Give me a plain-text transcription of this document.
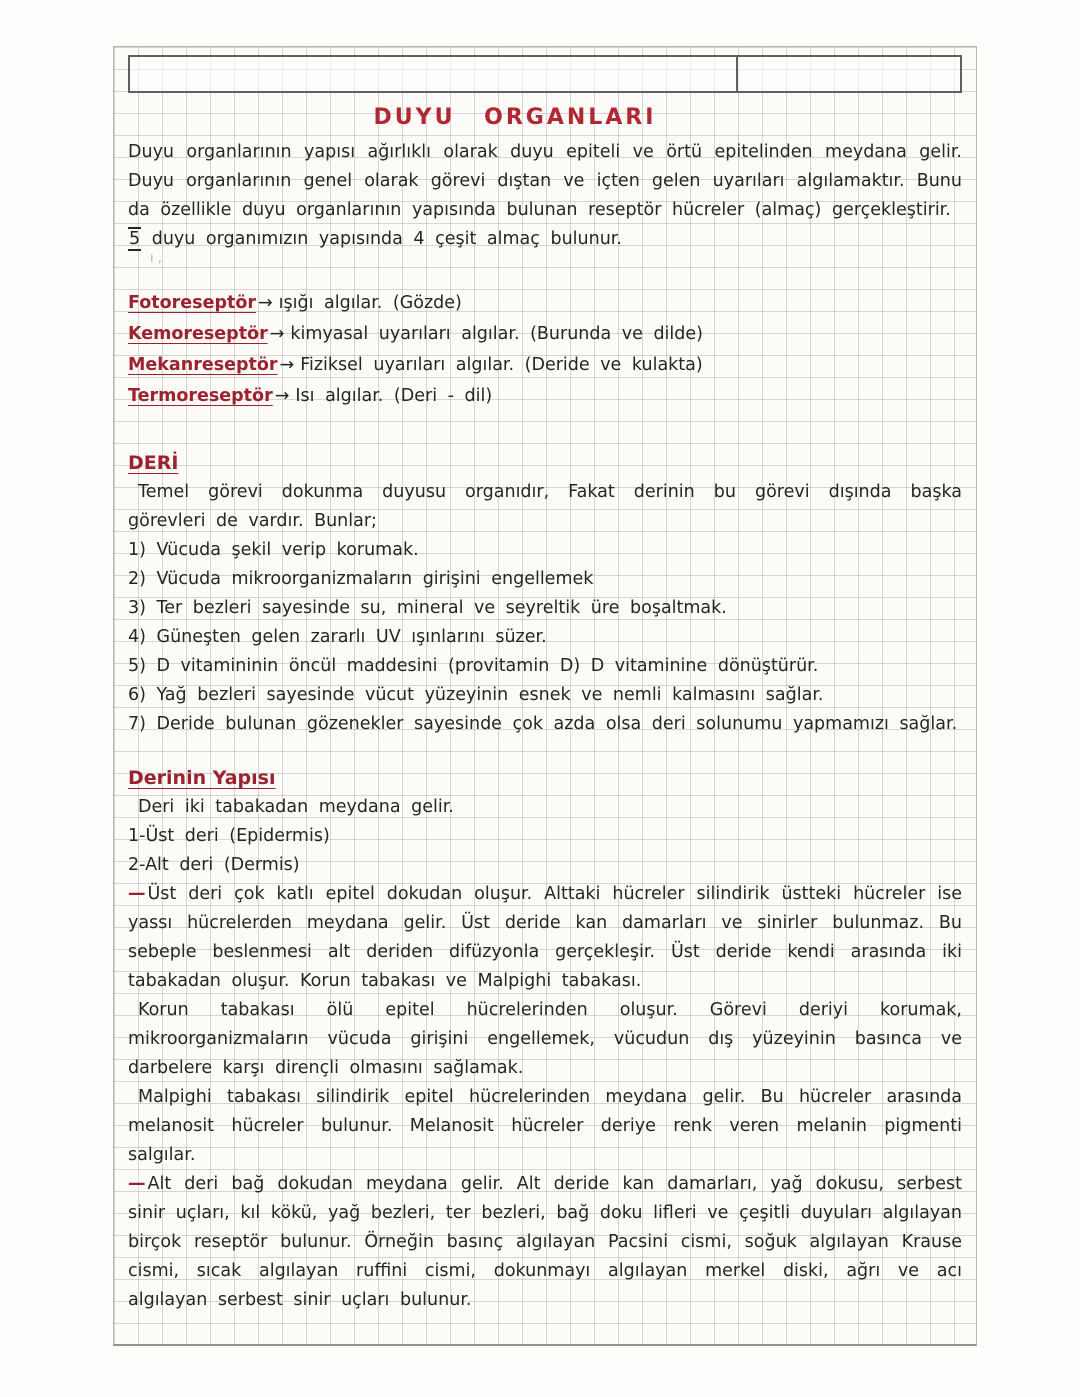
DUYU ORGANLARI

Duyu organlarının yapısı ağırlıklı olarak duyu epiteli ve örtü epitelinden meydana gelir. Duyu organlarının genel olarak görevi dıştan ve içten gelen uyarıları algılamaktır. Bunu da özellikle duyu organlarının yapısında bulunan reseptör hücreler (almaç) gerçekleştirir.

5 duyu organımızın yapısında 4 çeşit almaç bulunur.

ı ,
Fotoreseptör → ışığı algılar. (Gözde)
Kemoreseptör → kimyasal uyarıları algılar. (Burunda ve dilde)
Mekanreseptör → Fiziksel uyarıları algılar. (Deride ve kulakta)
Termoreseptör → Isı algılar. (Deri - dil)
DERİ

Temel görevi dokunma duyusu organıdır, Fakat derinin bu görevi dışında başka görevleri de vardır. Bunlar;

1) Vücuda şekil verip korumak.
2) Vücuda mikroorganizmaların girişini engellemek
3) Ter bezleri sayesinde su, mineral ve seyreltik üre boşaltmak.
4) Güneşten gelen zararlı UV ışınlarını süzer.
5) D vitamininin öncül maddesini (provitamin D) D vitaminine dönüştürür.
6) Yağ bezleri sayesinde vücut yüzeyinin esnek ve nemli kalmasını sağlar.
7) Deride bulunan gözenekler sayesinde çok azda olsa deri solunumu yapmamızı sağlar.
Derinin Yapısı

Deri iki tabakadan meydana gelir.

1-Üst deri (Epidermis)
2-Alt deri (Dermis)

— Üst deri çok katlı epitel dokudan oluşur. Alttaki hücreler silindirik üstteki hücreler ise yassı hücrelerden meydana gelir. Üst deride kan damarları ve sinirler bulunmaz. Bu sebeple beslenmesi alt deriden difüzyonla gerçekleşir. Üst deride kendi arasında iki tabakadan oluşur. Korun tabakası ve Malpighi tabakası.

Korun tabakası ölü epitel hücrelerinden oluşur. Görevi deriyi korumak, mikroorganizmaların vücuda girişini engellemek, vücudun dış yüzeyinin basınca ve darbelere karşı dirençli olmasını sağlamak.

Malpighi tabakası silindirik epitel hücrelerinden meydana gelir. Bu hücreler arasında melanosit hücreler bulunur. Melanosit hücreler deriye renk veren melanin pigmenti salgılar.

— Alt deri bağ dokudan meydana gelir. Alt deride kan damarları, yağ dokusu, serbest sinir uçları, kıl kökü, yağ bezleri, ter bezleri, bağ doku lifleri ve çeşitli duyuları algılayan birçok reseptör bulunur. Örneğin basınç algılayan Pacsini cismi, soğuk algılayan Krause cismi, sıcak algılayan ruffini cismi, dokunmayı algılayan merkel diski, ağrı ve acı algılayan serbest sinir uçları bulunur.
